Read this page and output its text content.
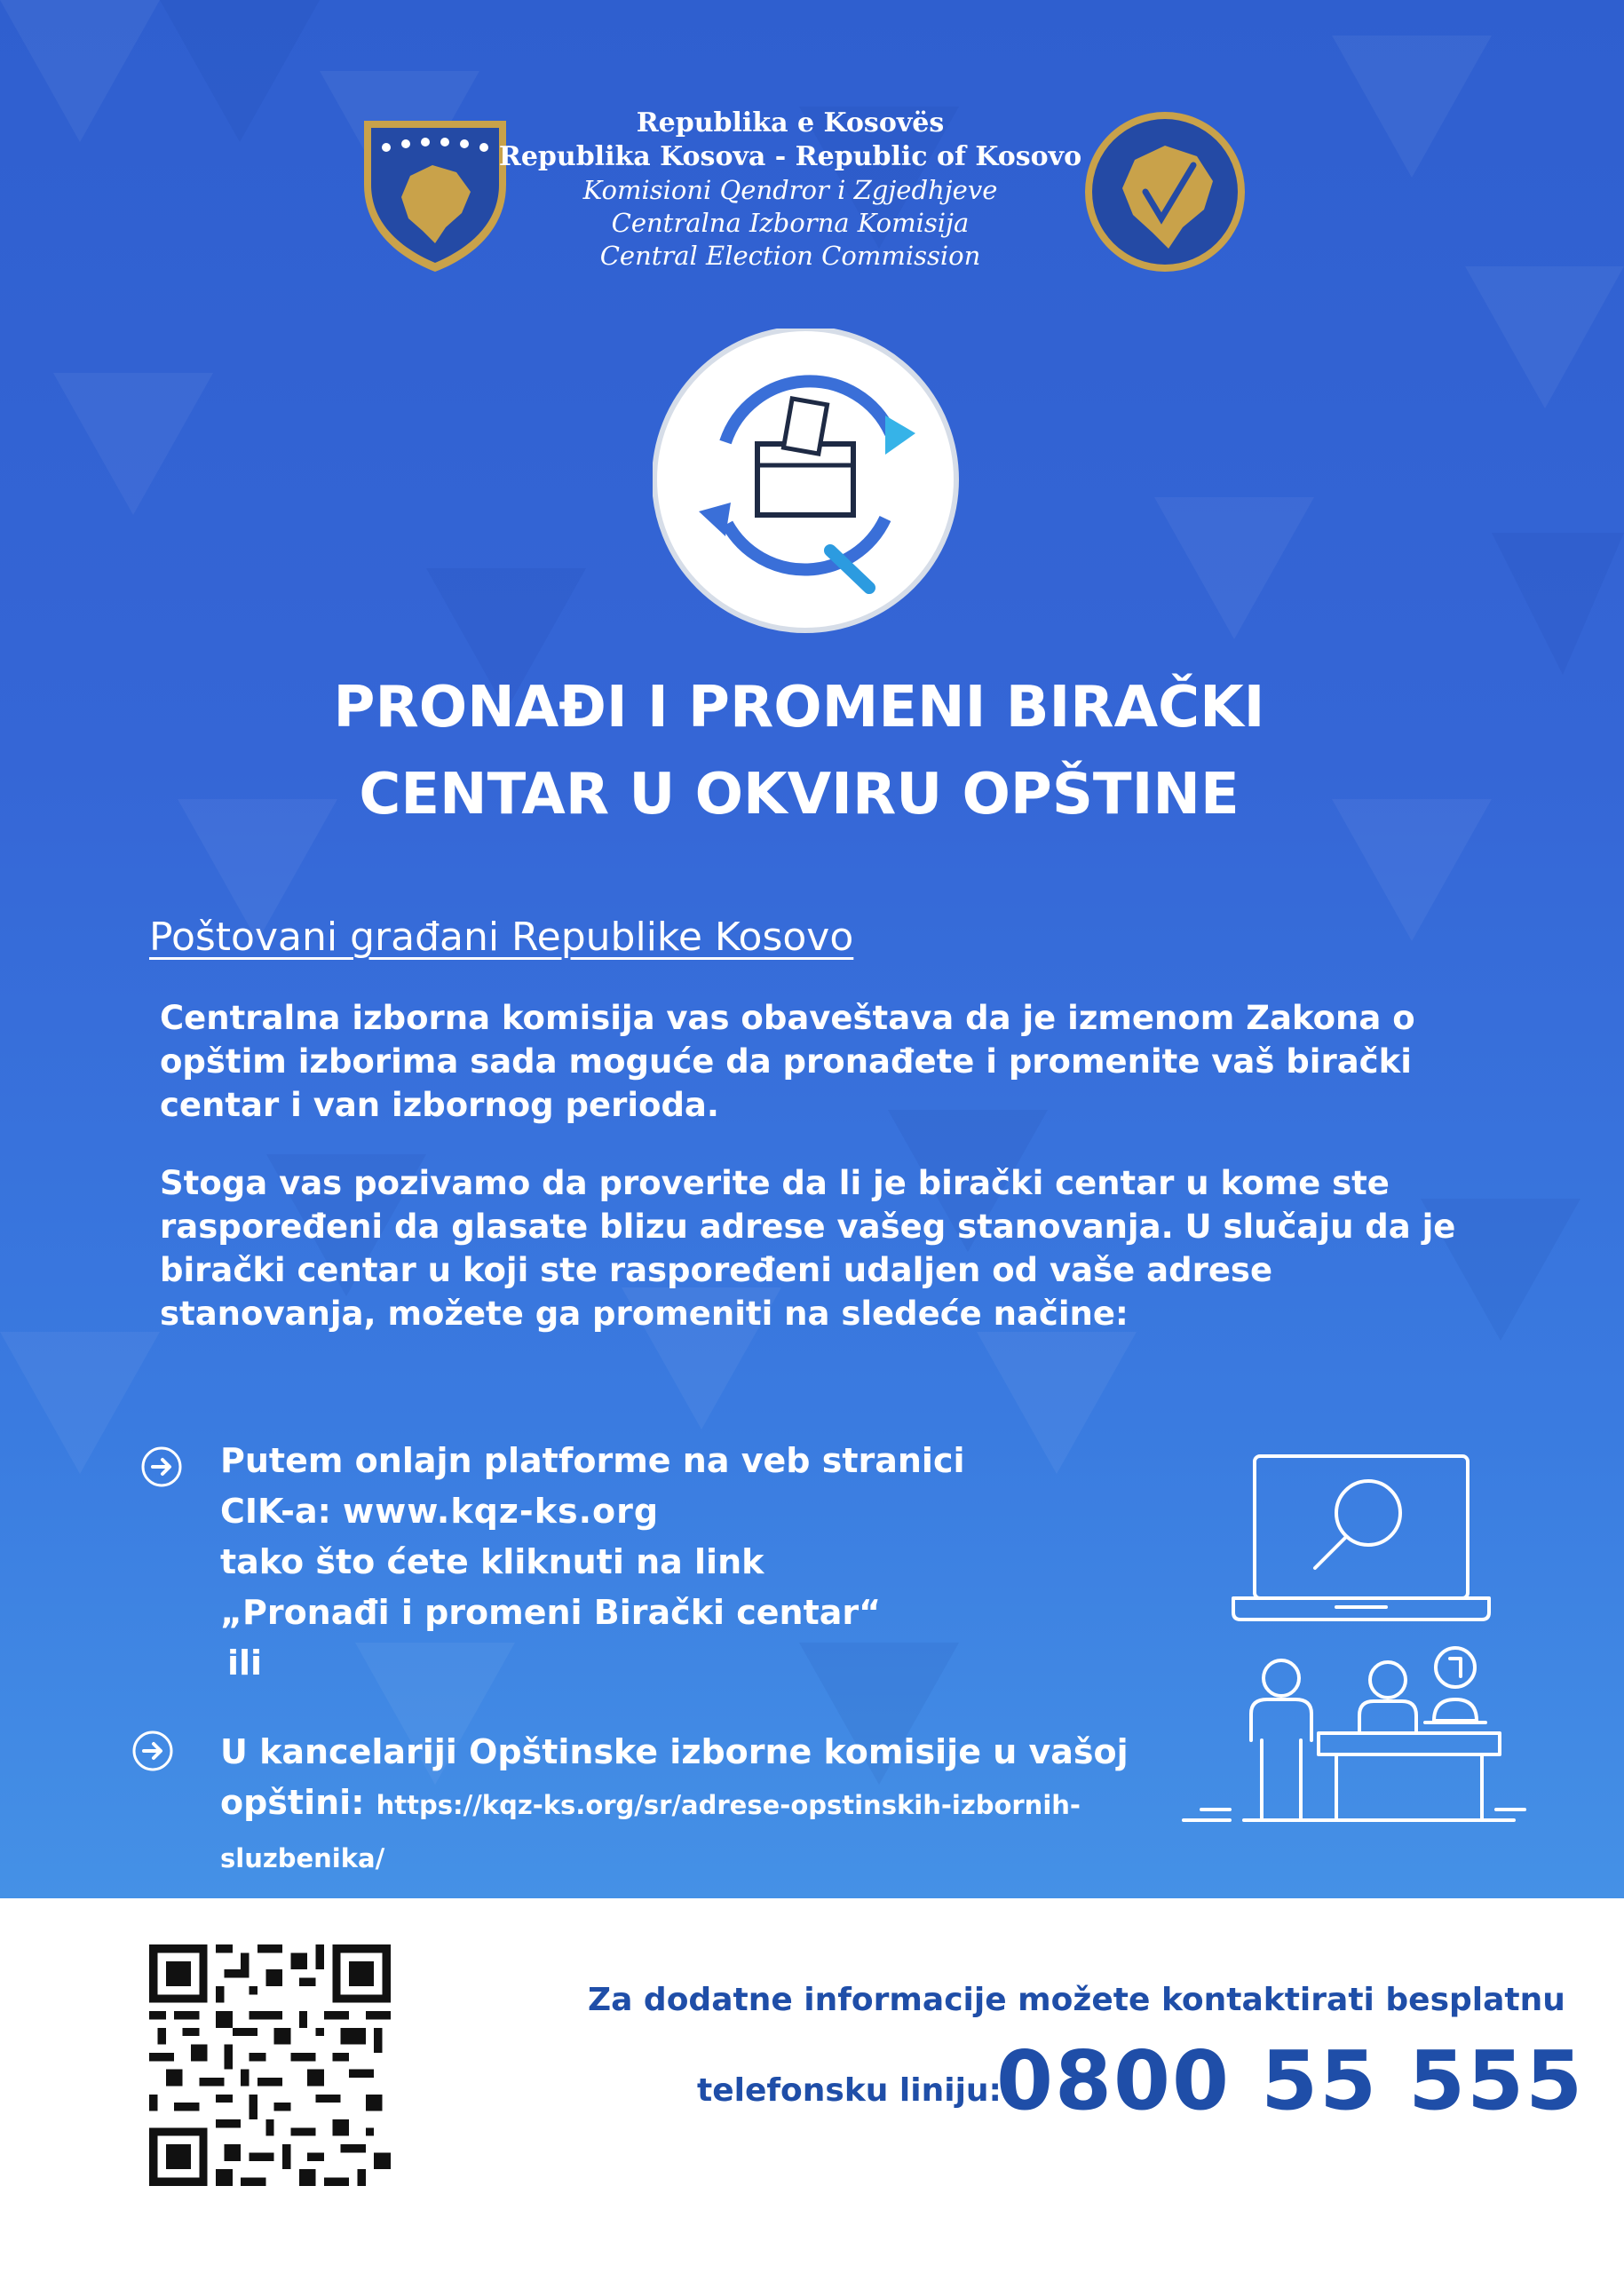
Republika e Kosovës
Republika Kosova - Republic of Kosovo
Komisioni Qendror i Zgjedhjeve
Centralna Izborna Komisija
Central Election Commission
PRONAĐI I PROMENI BIRAČKI
CENTAR U OKVIRU OPŠTINE
Poštovani građani Republike Kosovo
Centralna izborna komisija vas obaveštava da je izmenom Zakona o opštim izborima sada moguće da pronađete i promenite vaš birački centar i van izbornog perioda.
Stoga vas pozivamo da proverite da li je birački centar u kome ste raspoređeni da glasate blizu adrese vašeg stanovanja. U slučaju da je birački centar u koji ste raspoređeni udaljen od vaše adrese stanovanja, možete ga promeniti na sledeće načine:
Putem onlajn platforme na veb stranici
CIK-a: www.kqz-ks.org
tako što ćete kliknuti na link
„Pronađi i promeni Birački centar“
ili
U kancelariji Opštinske izborne komisije u vašoj
opštini: https://kqz-ks.org/sr/adrese-opstinskih-izbornih-sluzbenika/
Za dodatne informacije možete kontaktirati besplatnu
telefonsku liniju:
0800 55 555
